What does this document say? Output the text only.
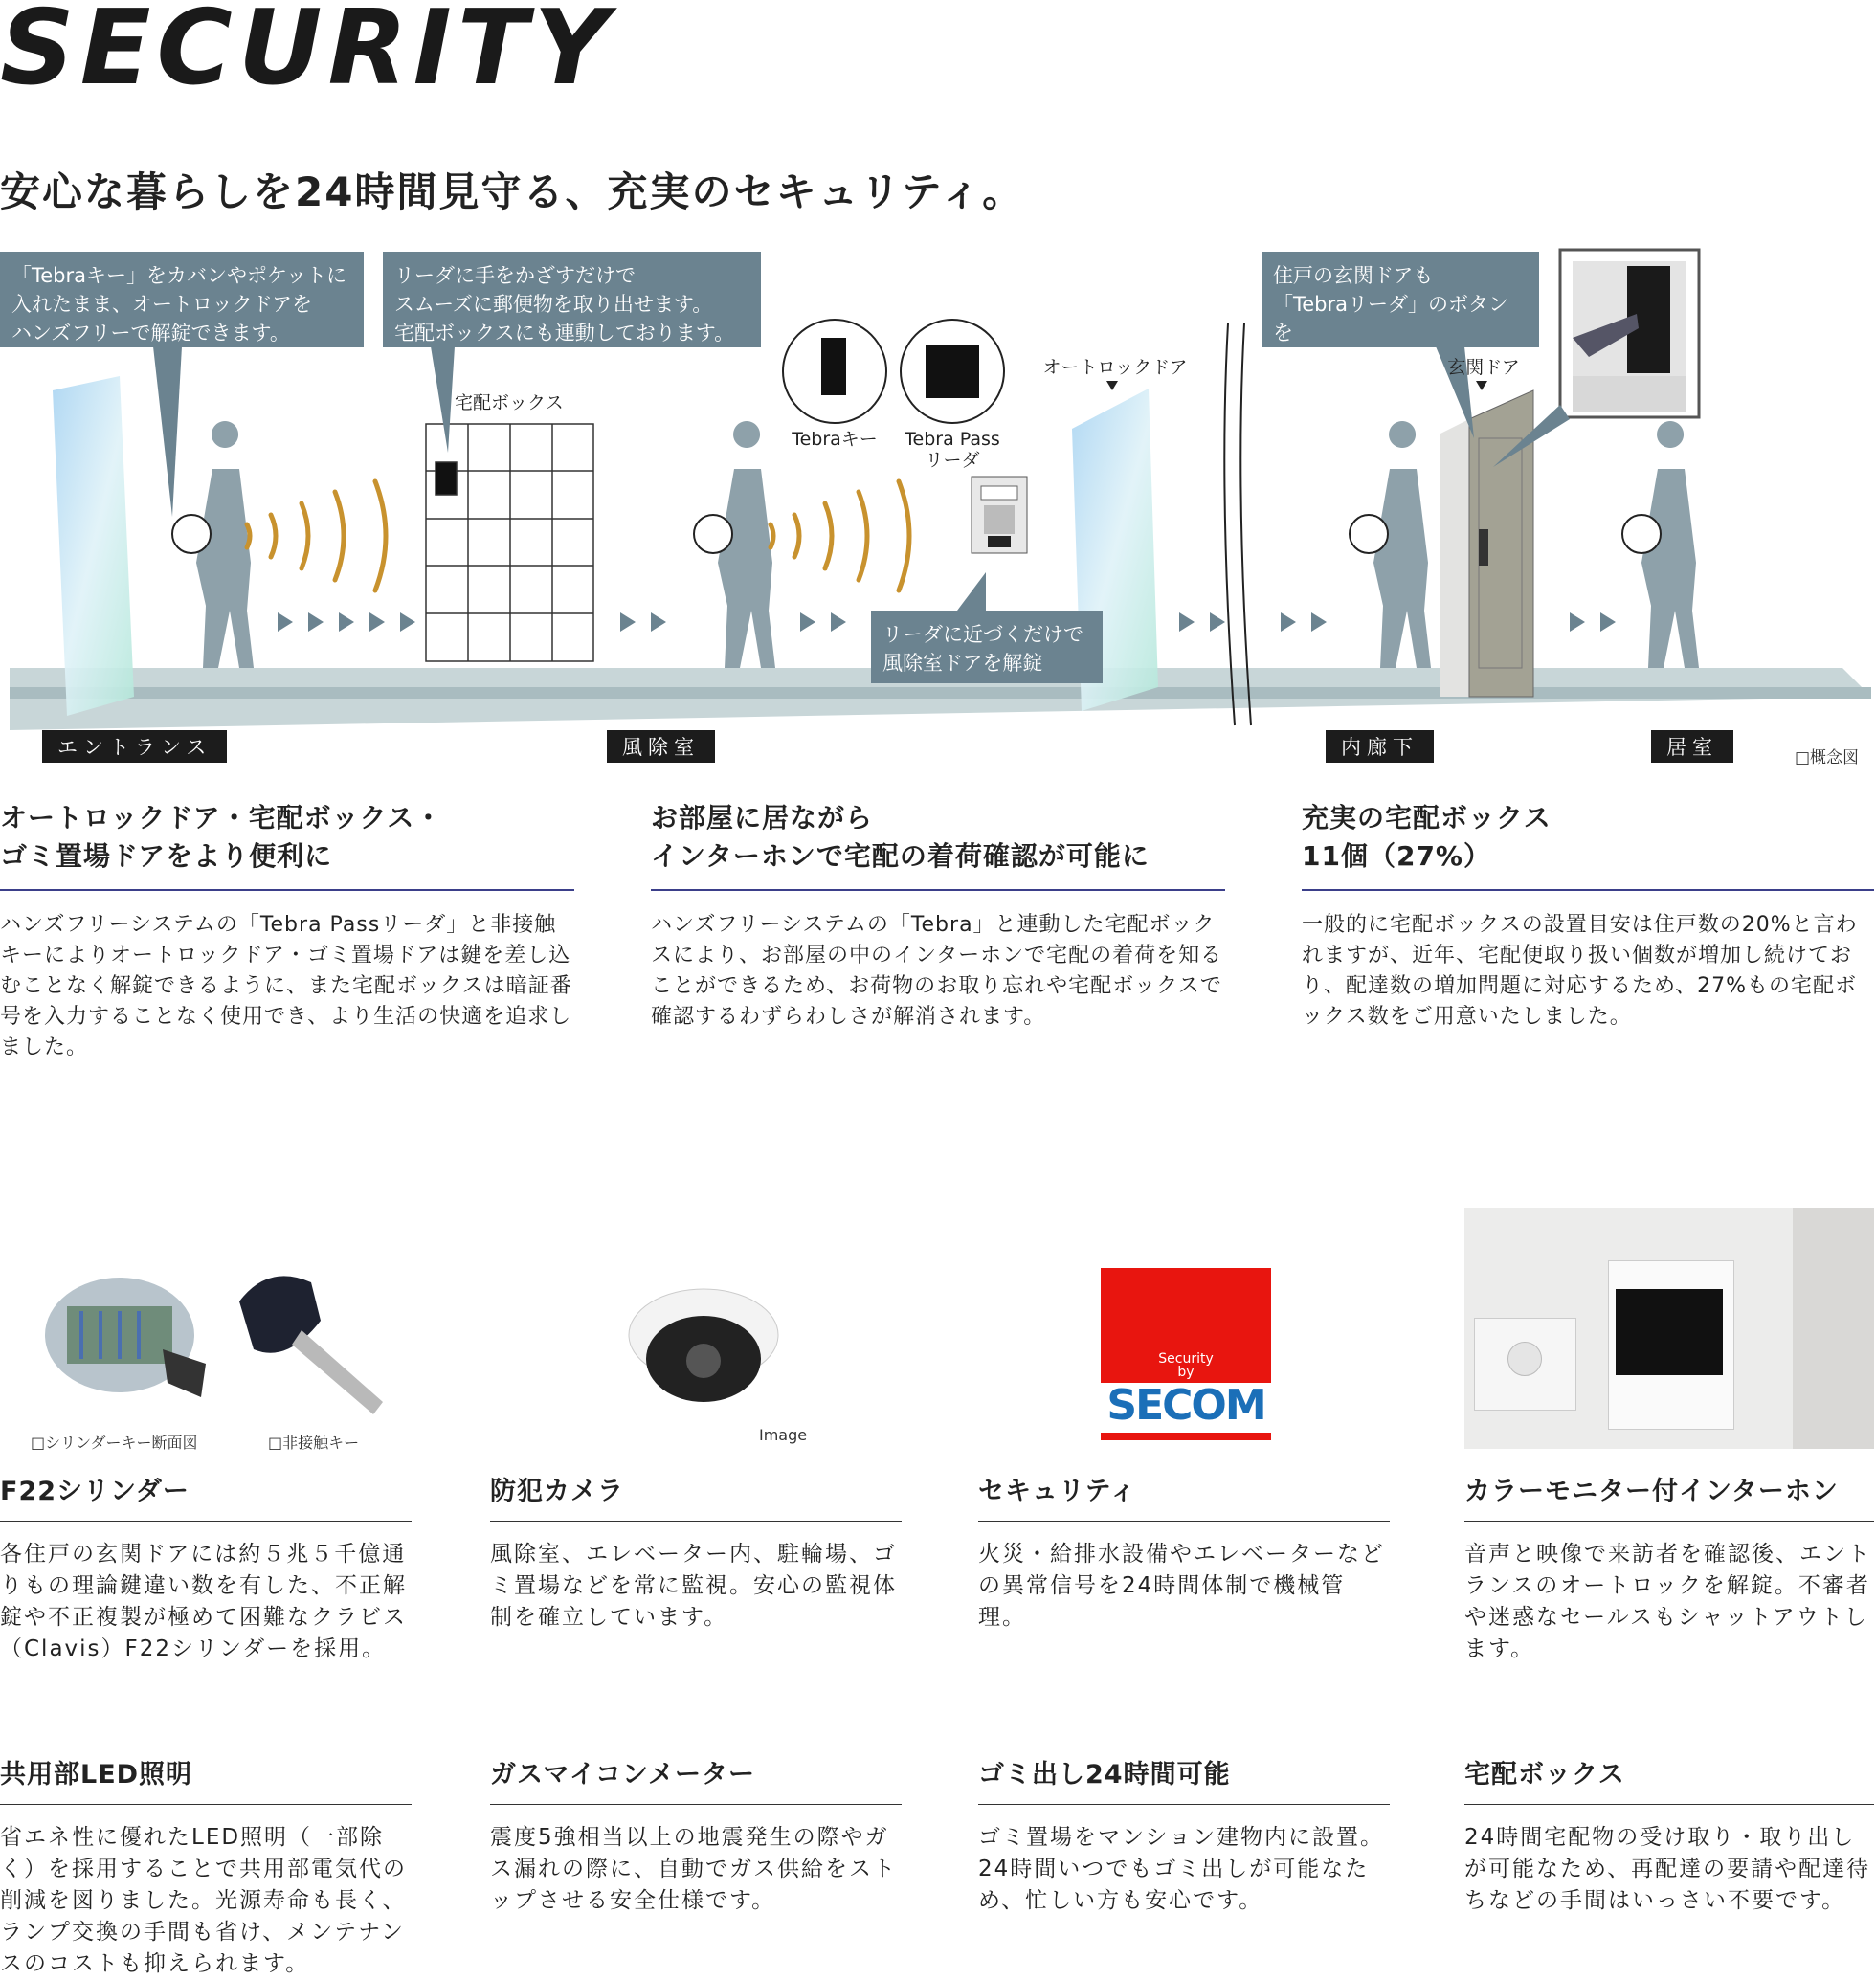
SECURITY
安心な暮らしを24時間見守る、充実のセキュリティ。
「Tebraキー」をカバンやポケットに
入れたまま、オートロックドアを
ハンズフリーで解錠できます。
リーダに手をかざすだけで
スムーズに郵便物を取り出せます。
宅配ボックスにも連動しております。
リーダに近づくだけで
風除室ドアを解錠
住戸の玄関ドアも
「Tebraリーダ」のボタンを
押すだけで施解錠
宅配ボックス
Tebraキー	Tebra Pass
リーダ
オートロックドア	玄関ドア
エントランス	風除室	内廊下	居室	□概念図
オートロックドア・宅配ボックス・
ゴミ置場ドアをより便利に
ハンズフリーシステムの「Tebra Passリーダ」と非接触キーによりオートロックドア・ゴミ置場ドアは鍵を差し込むことなく解錠できるように、また宅配ボックスは暗証番号を入力することなく使用でき、より生活の快適を追求しました。
お部屋に居ながら
インターホンで宅配の着荷確認が可能に
ハンズフリーシステムの「Tebra」と連動した宅配ボックスにより、お部屋の中のインターホンで宅配の着荷を知ることができるため、お荷物のお取り忘れや宅配ボックスで確認するわずらわしさが解消されます。
充実の宅配ボックス
11個（27%）
一般的に宅配ボックスの設置目安は住戸数の20%と言われますが、近年、宅配便取り扱い個数が増加し続けており、配達数の増加問題に対応するため、27%もの宅配ボックス数をご用意いたしました。
□シリンダーキー断面図	□非接触キー	Image
Security
by
SECOM
F22シリンダー
各住戸の玄関ドアには約５兆５千億通りもの理論鍵違い数を有した、不正解錠や不正複製が極めて困難なクラビス（Clavis）F22シリンダーを採用。
防犯カメラ
風除室、エレベーター内、駐輪場、ゴミ置場などを常に監視。安心の監視体制を確立しています。
セキュリティ
火災・給排水設備やエレベーターなどの異常信号を24時間体制で機械管理。
カラーモニター付インターホン
音声と映像で来訪者を確認後、エントランスのオートロックを解錠。不審者や迷惑なセールスもシャットアウトします。
共用部LED照明
省エネ性に優れたLED照明（一部除く）を採用することで共用部電気代の削減を図りました。光源寿命も長く、ランプ交換の手間も省け、メンテナンスのコストも抑えられます。
ガスマイコンメーター
震度5強相当以上の地震発生の際やガス漏れの際に、自動でガス供給をストップさせる安全仕様です。
ゴミ出し24時間可能
ゴミ置場をマンション建物内に設置。24時間いつでもゴミ出しが可能なため、忙しい方も安心です。
宅配ボックス
24時間宅配物の受け取り・取り出しが可能なため、再配達の要請や配達待ちなどの手間はいっさい不要です。
